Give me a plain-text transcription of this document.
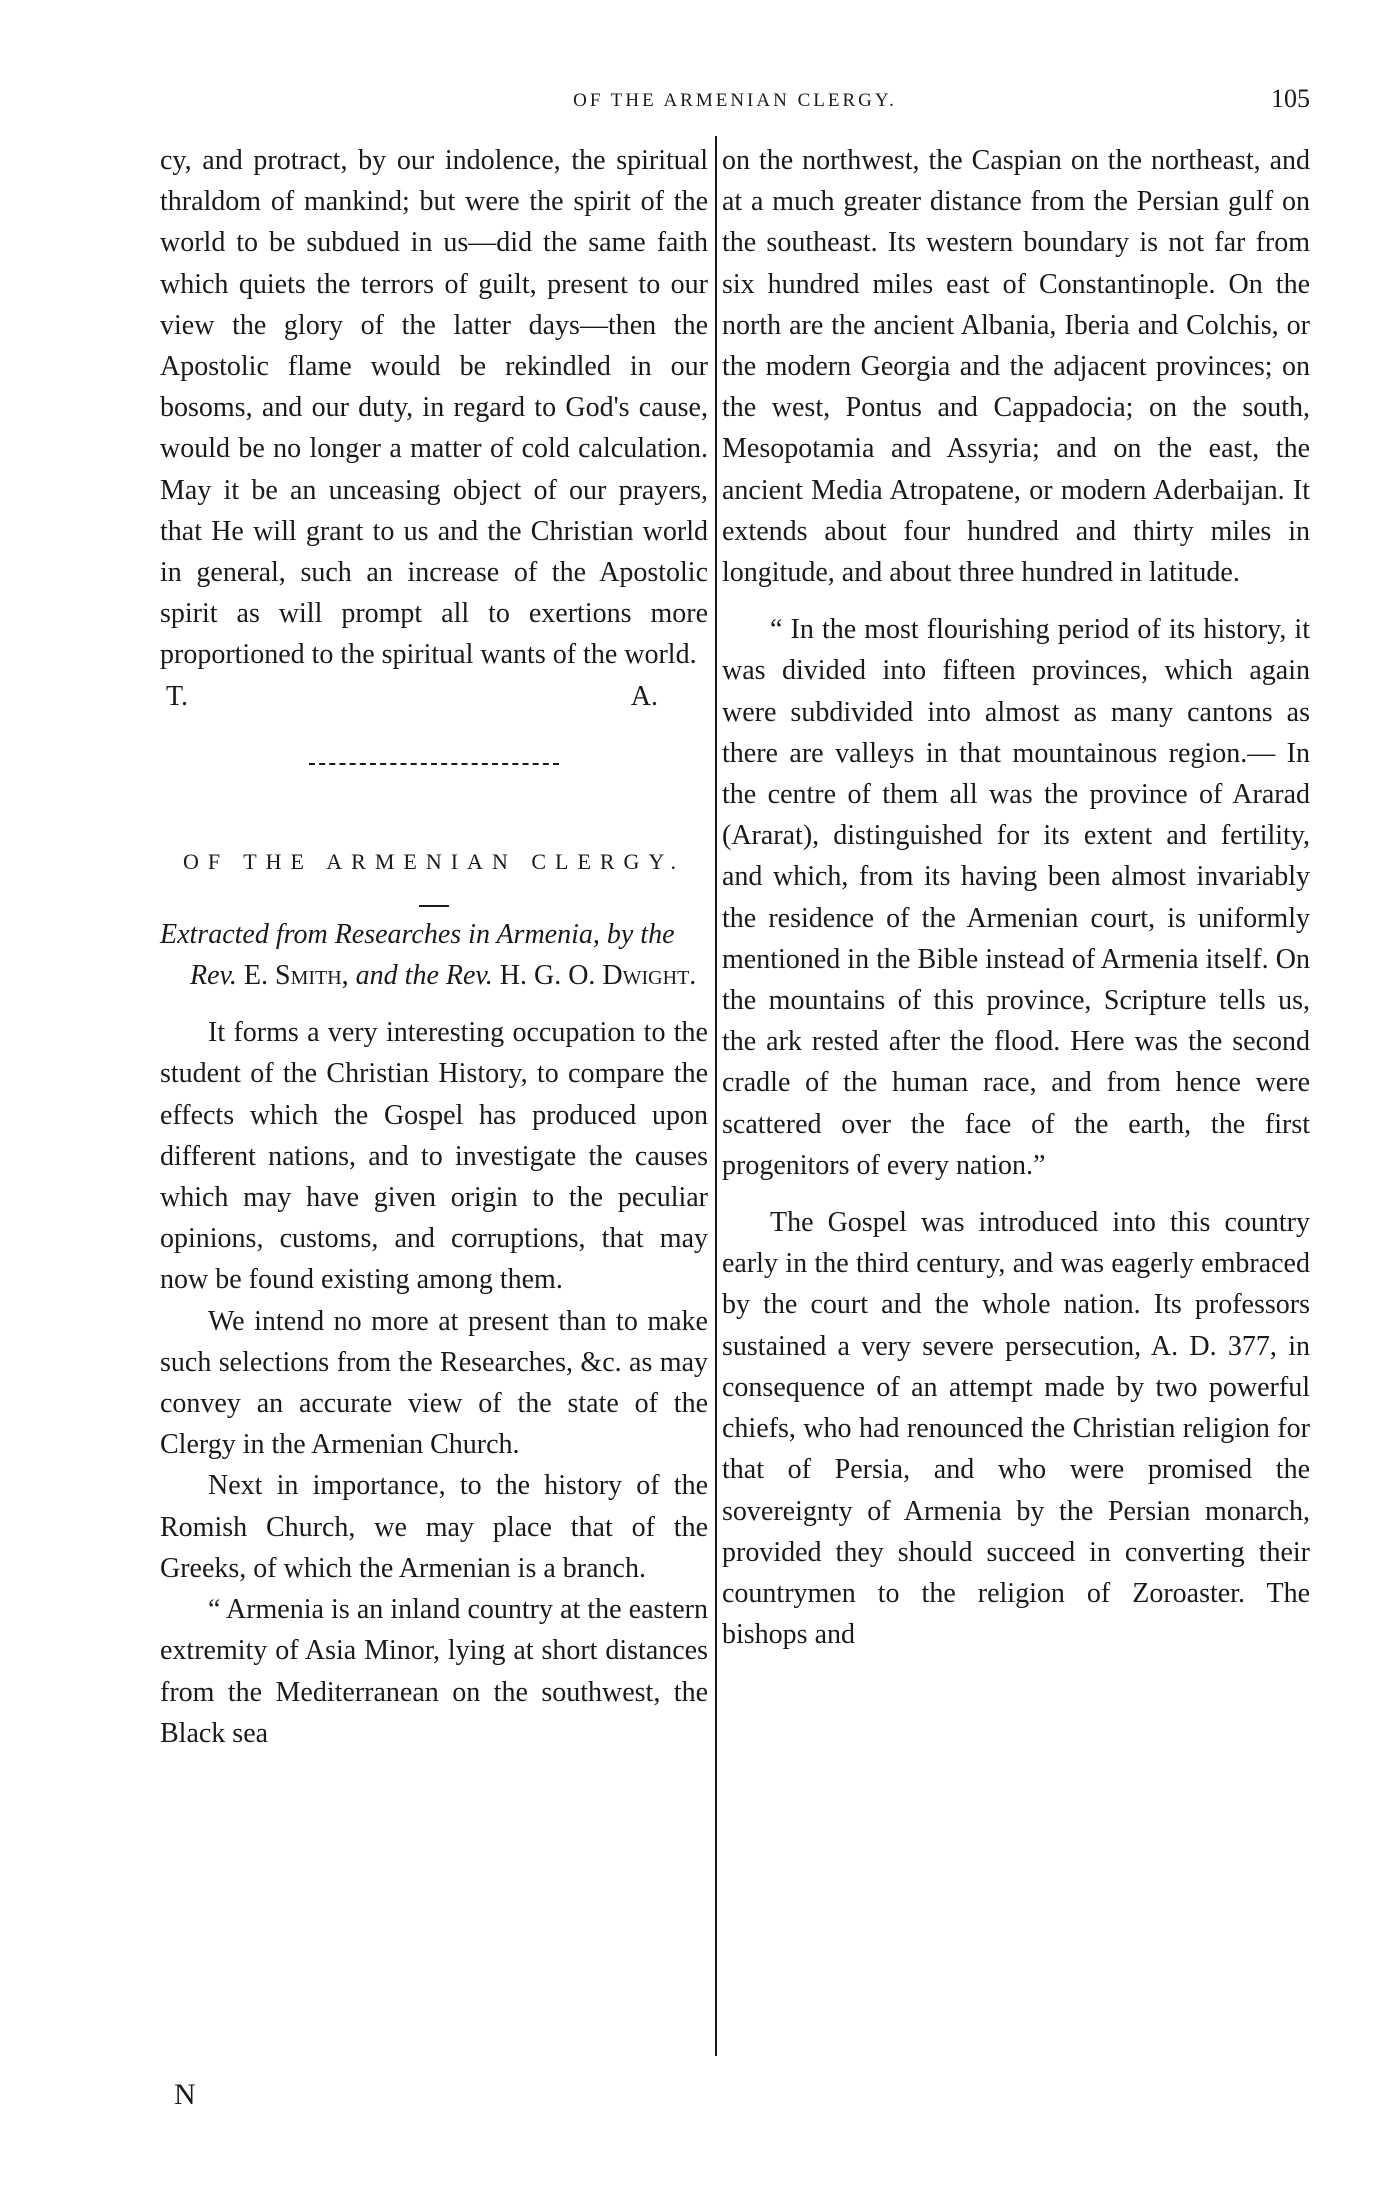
OF THE ARMENIAN CLERGY.	105

cy, and protract, by our indolence, the spiritual thraldom of mankind; but were the spirit of the world to be subdued in us—did the same faith which quiets the terrors of guilt, present to our view the glory of the latter days—then the Apostolic flame would be rekindled in our bosoms, and our duty, in regard to God's cause, would be no longer a matter of cold calculation. May it be an unceasing object of our prayers, that He will grant to us and the Christian world in general, such an increase of the Apostolic spirit as will prompt all to exertions more proportioned to the spiritual wants of the world.

T.	A.

OF THE ARMENIAN CLERGY.

Extracted from Researches in Armenia, by the Rev. E. Smith, and the Rev. H. G. O. Dwight.

It forms a very interesting occupation to the student of the Christian History, to compare the effects which the Gospel has produced upon different nations, and to investigate the causes which may have given origin to the peculiar opinions, customs, and corruptions, that may now be found existing among them.

We intend no more at present than to make such selections from the Researches, &c. as may convey an accurate view of the state of the Clergy in the Armenian Church.

Next in importance, to the history of the Romish Church, we may place that of the Greeks, of which the Armenian is a branch.

“ Armenia is an inland country at the eastern extremity of Asia Minor, lying at short distances from the Mediterranean on the southwest, the Black sea

on the northwest, the Caspian on the northeast, and at a much greater distance from the Persian gulf on the southeast. Its western boundary is not far from six hundred miles east of Constantinople. On the north are the ancient Albania, Iberia and Colchis, or the modern Georgia and the adjacent provinces; on the west, Pontus and Cappadocia; on the south, Mesopotamia and Assyria; and on the east, the ancient Media Atropatene, or modern Aderbaijan. It extends about four hundred and thirty miles in longitude, and about three hundred in latitude.

“ In the most flourishing period of its history, it was divided into fifteen provinces, which again were subdivided into almost as many cantons as there are valleys in that mountainous region.— In the centre of them all was the province of Ararad (Ararat), distinguished for its extent and fertility, and which, from its having been almost invariably the residence of the Armenian court, is uniformly mentioned in the Bible instead of Armenia itself. On the mountains of this province, Scripture tells us, the ark rested after the flood. Here was the second cradle of the human race, and from hence were scattered over the face of the earth, the first progenitors of every nation.”

The Gospel was introduced into this country early in the third century, and was eagerly embraced by the court and the whole nation. Its professors sustained a very severe persecution, A. D. 377, in consequence of an attempt made by two powerful chiefs, who had renounced the Christian religion for that of Persia, and who were promised the sovereignty of Armenia by the Persian monarch, provided they should succeed in converting their countrymen to the religion of Zoroaster. The bishops and

N
